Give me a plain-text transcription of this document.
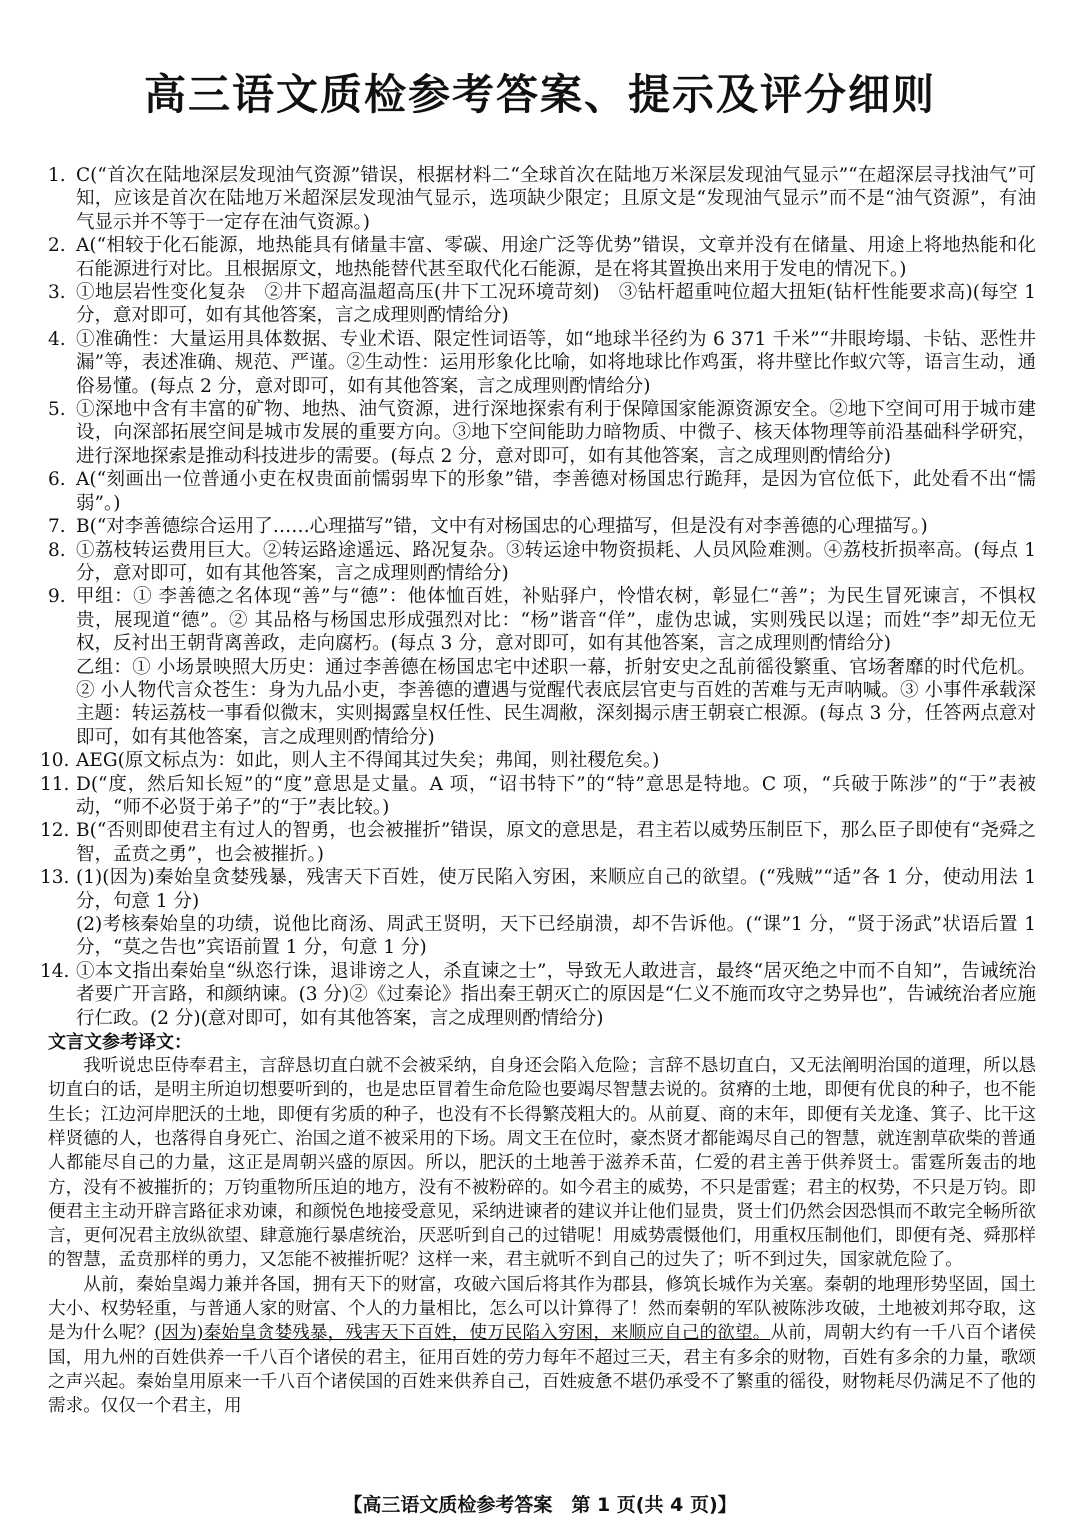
高三语文质检参考答案、提示及评分细则
1. C(“首次在陆地深层发现油气资源”错误，根据材料二“全球首次在陆地万米深层发现油气显示”“在超深层寻找油气”可知，应该是首次在陆地万米超深层发现油气显示，选项缺少限定；且原文是“发现油气显示”而不是“油气资源”，有油气显示并不等于一定存在油气资源。)
2. A(“相较于化石能源，地热能具有储量丰富、零碳、用途广泛等优势”错误，文章并没有在储量、用途上将地热能和化石能源进行对比。且根据原文，地热能替代甚至取代化石能源，是在将其置换出来用于发电的情况下。)
3. ①地层岩性变化复杂　②井下超高温超高压(井下工况环境苛刻)　③钻杆超重吨位超大扭矩(钻杆性能要求高)(每空 1 分，意对即可，如有其他答案，言之成理则酌情给分)
4. ①准确性：大量运用具体数据、专业术语、限定性词语等，如“地球半径约为 6 371 千米”“井眼垮塌、卡钻、恶性井漏”等，表述准确、规范、严谨。②生动性：运用形象化比喻，如将地球比作鸡蛋，将井壁比作蚁穴等，语言生动，通俗易懂。(每点 2 分，意对即可，如有其他答案，言之成理则酌情给分)
5. ①深地中含有丰富的矿物、地热、油气资源，进行深地探索有利于保障国家能源资源安全。②地下空间可用于城市建设，向深部拓展空间是城市发展的重要方向。③地下空间能助力暗物质、中微子、核天体物理等前沿基础科学研究，进行深地探索是推动科技进步的需要。(每点 2 分，意对即可，如有其他答案，言之成理则酌情给分)
6. A(“刻画出一位普通小吏在权贵面前懦弱卑下的形象”错，李善德对杨国忠行跪拜，是因为官位低下，此处看不出“懦弱”。)
7. B(“对李善德综合运用了……心理描写”错，文中有对杨国忠的心理描写，但是没有对李善德的心理描写。)
8. ①荔枝转运费用巨大。②转运路途遥远、路况复杂。③转运途中物资损耗、人员风险难测。④荔枝折损率高。(每点 1 分，意对即可，如有其他答案，言之成理则酌情给分)
9. 甲组：① 李善德之名体现“善”与“德”：他体恤百姓，补贴驿户，怜惜农树，彰显仁“善”；为民生冒死谏言，不惧权贵，展现道“德”。② 其品格与杨国忠形成强烈对比：“杨”谐音“佯”，虚伪忠诚，实则残民以逞；而姓“李”却无位无权，反衬出王朝背离善政，走向腐朽。(每点 3 分，意对即可，如有其他答案，言之成理则酌情给分)
乙组：① 小场景映照大历史：通过李善德在杨国忠宅中述职一幕，折射安史之乱前徭役繁重、官场奢靡的时代危机。② 小人物代言众苍生：身为九品小吏，李善德的遭遇与觉醒代表底层官吏与百姓的苦难与无声呐喊。③ 小事件承载深主题：转运荔枝一事看似微末，实则揭露皇权任性、民生凋敝，深刻揭示唐王朝衰亡根源。(每点 3 分，任答两点意对即可，如有其他答案，言之成理则酌情给分)
10. AEG(原文标点为：如此，则人主不得闻其过失矣；弗闻，则社稷危矣。)
11. D(“度，然后知长短”的“度”意思是丈量。A 项，“诏书特下”的“特”意思是特地。C 项，“兵破于陈涉”的“于”表被动，“师不必贤于弟子”的“于”表比较。)
12. B(“否则即使君主有过人的智勇，也会被摧折”错误，原文的意思是，君主若以威势压制臣下，那么臣子即使有“尧舜之智，孟贲之勇”，也会被摧折。)
13. (1)(因为)秦始皇贪婪残暴，残害天下百姓，使万民陷入穷困，来顺应自己的欲望。(“残贼”“适”各 1 分，使动用法 1 分，句意 1 分)
(2)考核秦始皇的功绩，说他比商汤、周武王贤明，天下已经崩溃，却不告诉他。(“课”1 分，“贤于汤武”状语后置 1 分，“莫之告也”宾语前置 1 分，句意 1 分)
14. ①本文指出秦始皇“纵恣行诛，退诽谤之人，杀直谏之士”，导致无人敢进言，最终“居灭绝之中而不自知”，告诫统治者要广开言路，和颜纳谏。(3 分)②《过秦论》指出秦王朝灭亡的原因是“仁义不施而攻守之势异也”，告诫统治者应施行仁政。(2 分)(意对即可，如有其他答案，言之成理则酌情给分)
文言文参考译文：

我听说忠臣侍奉君主，言辞恳切直白就不会被采纳，自身还会陷入危险；言辞不恳切直白，又无法阐明治国的道理，所以恳切直白的话，是明主所迫切想要听到的，也是忠臣冒着生命危险也要竭尽智慧去说的。贫瘠的土地，即便有优良的种子，也不能生长；江边河岸肥沃的土地，即便有劣质的种子，也没有不长得繁茂粗大的。从前夏、商的末年，即便有关龙逢、箕子、比干这样贤德的人，也落得自身死亡、治国之道不被采用的下场。周文王在位时，豪杰贤才都能竭尽自己的智慧，就连割草砍柴的普通人都能尽自己的力量，这正是周朝兴盛的原因。所以，肥沃的土地善于滋养禾苗，仁爱的君主善于供养贤士。雷霆所轰击的地方，没有不被摧折的；万钧重物所压迫的地方，没有不被粉碎的。如今君主的威势，不只是雷霆；君主的权势，不只是万钧。即便君主主动开辟言路征求劝谏，和颜悦色地接受意见，采纳进谏者的建议并让他们显贵，贤士们仍然会因恐惧而不敢完全畅所欲言，更何况君主放纵欲望、肆意施行暴虐统治，厌恶听到自己的过错呢！用威势震慑他们，用重权压制他们，即便有尧、舜那样的智慧，孟贲那样的勇力，又怎能不被摧折呢？这样一来，君主就听不到自己的过失了；听不到过失，国家就危险了。

从前，秦始皇竭力兼并各国，拥有天下的财富，攻破六国后将其作为郡县，修筑长城作为关塞。秦朝的地理形势坚固，国土大小、权势轻重，与普通人家的财富、个人的力量相比，怎么可以计算得了！然而秦朝的军队被陈涉攻破，土地被刘邦夺取，这是为什么呢？(因为)秦始皇贪婪残暴，残害天下百姓，使万民陷入穷困，来顺应自己的欲望。从前，周朝大约有一千八百个诸侯国，用九州的百姓供养一千八百个诸侯的君主，征用百姓的劳力每年不超过三天，君主有多余的财物，百姓有多余的力量，歌颂之声兴起。秦始皇用原来一千八百个诸侯国的百姓来供养自己，百姓疲惫不堪仍承受不了繁重的徭役，财物耗尽仍满足不了他的需求。仅仅一个君主，用

【高三语文质检参考答案　第 1 页(共 4 页)】
